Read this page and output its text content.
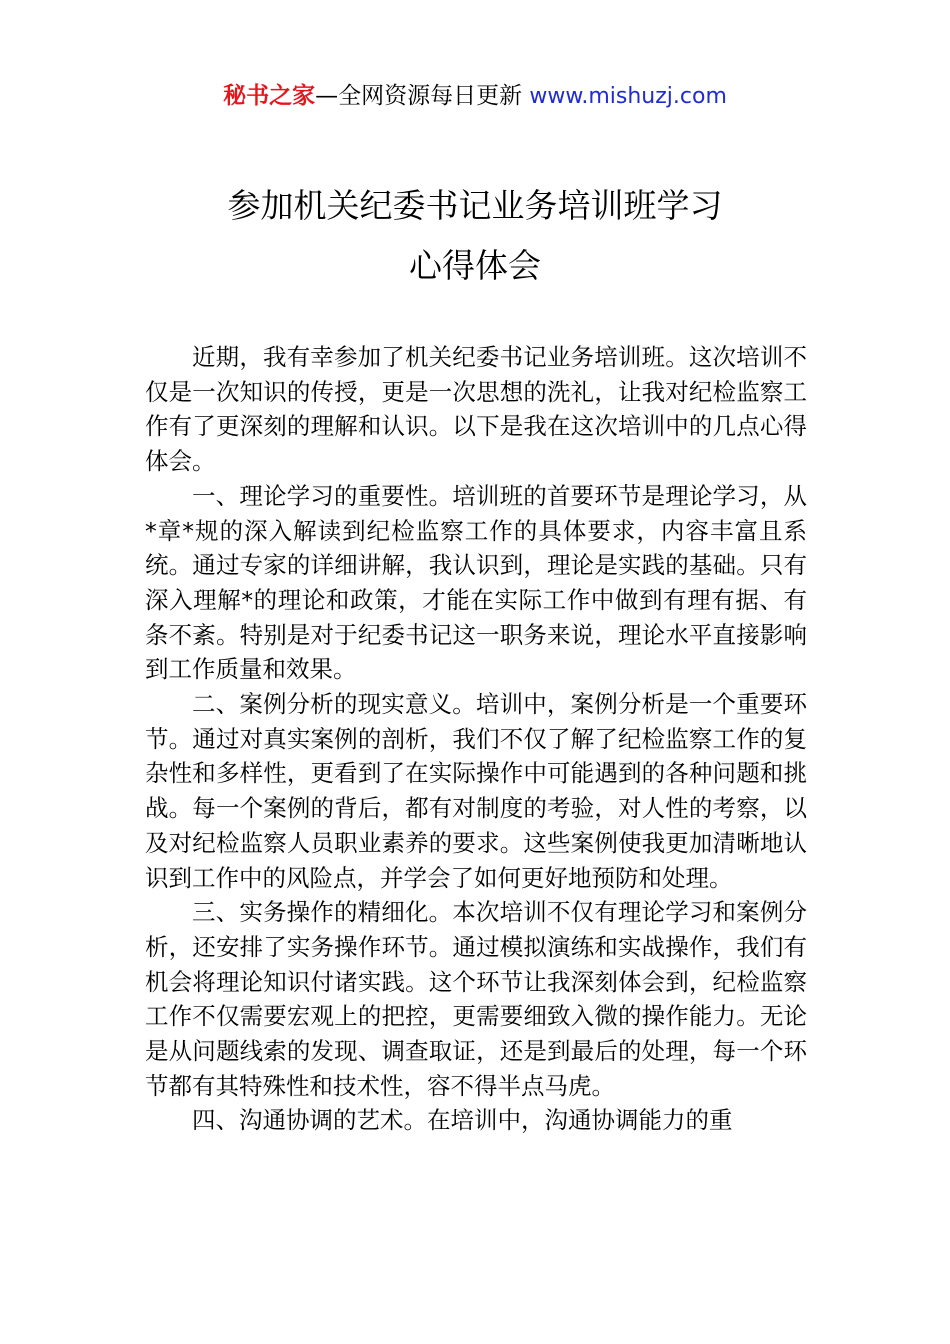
秘书之家—全网资源每日更新 www.mishuzj.com
参加机关纪委书记业务培训班学习
心得体会

近期，我有幸参加了机关纪委书记业务培训班。这次培训不仅是一次知识的传授，更是一次思想的洗礼，让我对纪检监察工作有了更深刻的理解和认识。以下是我在这次培训中的几点心得体会。

一、理论学习的重要性。培训班的首要环节是理论学习，从*章*规的深入解读到纪检监察工作的具体要求，内容丰富且系统。通过专家的详细讲解，我认识到，理论是实践的基础。只有深入理解*的理论和政策，才能在实际工作中做到有理有据、有条不紊。特别是对于纪委书记这一职务来说，理论水平直接影响到工作质量和效果。

二、案例分析的现实意义。培训中，案例分析是一个重要环节。通过对真实案例的剖析，我们不仅了解了纪检监察工作的复杂性和多样性，更看到了在实际操作中可能遇到的各种问题和挑战。每一个案例的背后，都有对制度的考验，对人性的考察，以及对纪检监察人员职业素养的要求。这些案例使我更加清晰地认识到工作中的风险点，并学会了如何更好地预防和处理。

三、实务操作的精细化。本次培训不仅有理论学习和案例分析，还安排了实务操作环节。通过模拟演练和实战操作，我们有机会将理论知识付诸实践。这个环节让我深刻体会到，纪检监察工作不仅需要宏观上的把控，更需要细致入微的操作能力。无论是从问题线索的发现、调查取证，还是到最后的处理，每一个环节都有其特殊性和技术性，容不得半点马虎。

四、沟通协调的艺术。在培训中，沟通协调能力的重
